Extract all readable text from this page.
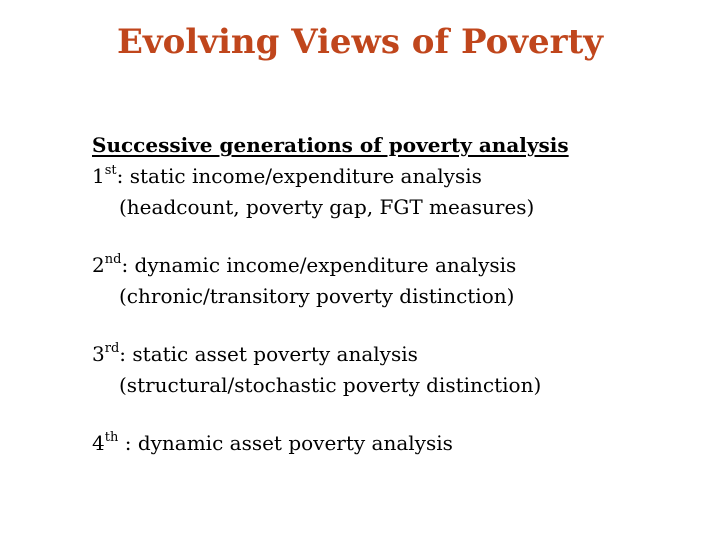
Evolving Views of Poverty
Successive generations of poverty analysis
1st: static income/expenditure analysis
(headcount, poverty gap, FGT measures)
2nd: dynamic income/expenditure analysis
(chronic/transitory poverty distinction)
3rd: static asset poverty analysis
(structural/stochastic poverty distinction)
4th : dynamic asset poverty analysis
